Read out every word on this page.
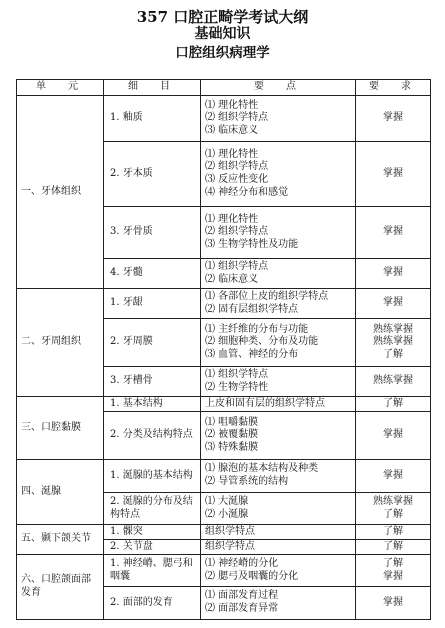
357 口腔正畸学考试大纲
基础知识
口腔组织病理学
单　元	细　目	要　点	要　求
一、牙体组织	1. 釉质	⑴ 理化特性
⑵ 组织学特点
⑶ 临床意义	掌握

	2. 牙本质	⑴ 理化特性
⑵ 组织学特点
⑶ 反应性变化
⑷ 神经分布和感觉	掌握

	3. 牙骨质	⑴ 理化特性
⑵ 组织学特点
⑶ 生物学特性及功能	掌握

	4. 牙髓	⑴ 组织学特点
⑵ 临床意义	掌握

二、牙周组织	1. 牙龈	⑴ 各部位上皮的组织学特点
⑵ 固有层组织学特点	掌握

	2. 牙周膜	⑴ 主纤维的分布与功能
⑵ 细胞种类、分布及功能
⑶ 血管、神经的分布	熟练掌握
熟练掌握
了解

	3. 牙槽骨	⑴ 组织学特点
⑵ 生物学特性	熟练掌握

三、口腔黏膜	1. 基本结构	上皮和固有层的组织学特点	了解

	2. 分类及结构特点	⑴ 咀嚼黏膜
⑵ 被覆黏膜
⑶ 特殊黏膜	掌握

四、涎腺	1. 涎腺的基本结构	⑴ 腺泡的基本结构及种类
⑵ 导管系统的结构	掌握

	2. 涎腺的分布及结构特点	⑴ 大涎腺
⑵ 小涎腺	熟练掌握
了解

五、颞下颌关节	1. 髁突	组织学特点	了解

	2. 关节盘	组织学特点	了解

六、口腔颌面部发育	1. 神经嵴、腮弓和咽囊	⑴ 神经嵴的分化
⑵ 腮弓及咽囊的分化	了解
掌握

	2. 面部的发育	⑴ 面部发育过程
⑵ 面部发育异常	掌握
